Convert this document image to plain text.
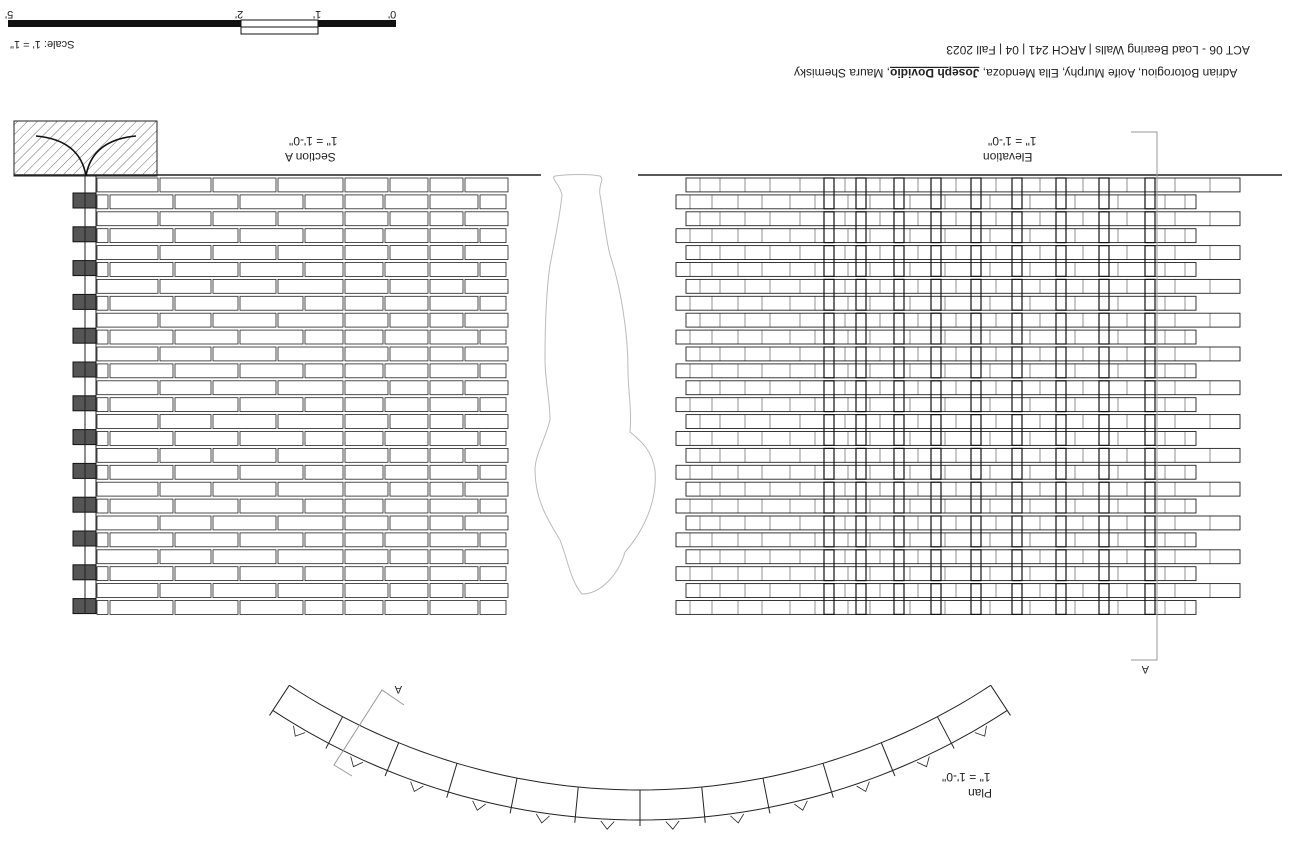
ACT 06 - Load Bearing Walls | ARCH 241 | 04 | Fall 2023
Adrian Botorogiou, Aoife Murphy, Ella Mendoza, Joseph Dovidio, Maura Shemisky
0'
1'
2'
5'
Scale: 1' = 1"
Section A
1" = 1'-0"
A
Elevation
1" = 1'-0"
A
Plan
1" = 1'-0"
